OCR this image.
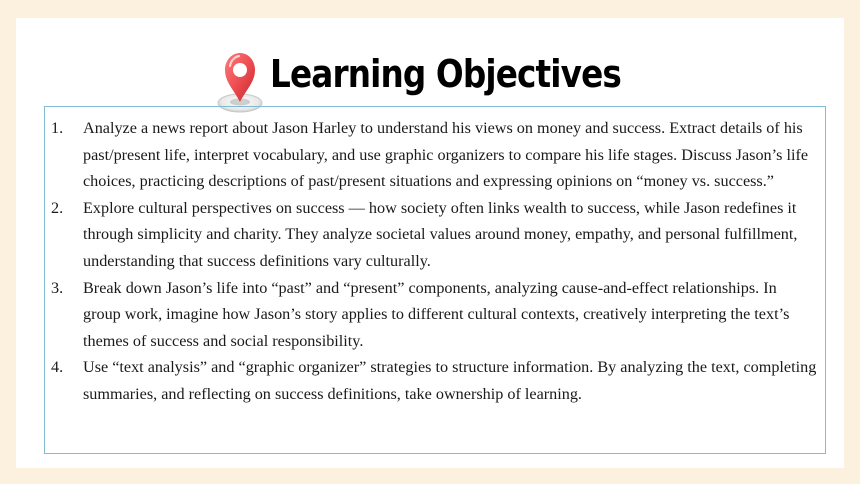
Learning Objectives
1.	Analyze a news report about Jason Harley to understand his views on money and success. Extract details of his past/present life, interpret vocabulary, and use graphic organizers to compare his life stages. Discuss Jason’s life choices, practicing descriptions of past/present situations and expressing opinions on “money vs. success.”
2.	Explore cultural perspectives on success — how society often links wealth to success, while Jason redefines it through simplicity and charity. They analyze societal values around money, empathy, and personal fulfillment, understanding that success definitions vary culturally.
3.	Break down Jason’s life into “past” and “present” components, analyzing cause-and-effect relationships. In group work, imagine how Jason’s story applies to different cultural contexts, creatively interpreting the text’s themes of success and social responsibility.
4.	Use “text analysis” and “graphic organizer” strategies to structure information. By analyzing the text, completing summaries, and reflecting on success definitions, take ownership of learning.
